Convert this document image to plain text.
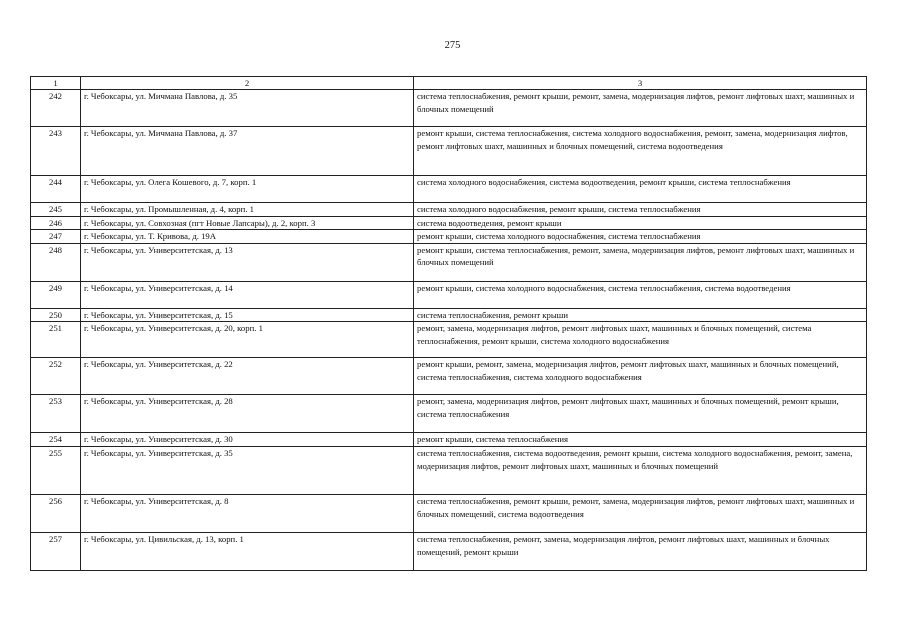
275
1	2	3
242	г. Чебоксары, ул. Мичмана Павлова, д. 35	система теплоснабжения, ремонт крыши, ремонт, замена, модернизация лифтов, ремонт лифтовых шахт, машинных и блочных помещений
243	г. Чебоксары, ул. Мичмана Павлова, д. 37	ремонт крыши, система теплоснабжения, система холодного водоснабжения, ремонт, замена, модернизация лифтов, ремонт лифтовых шахт, машинных и блочных помещений, система водоотведения
244	г. Чебоксары, ул. Олега Кошевого, д. 7, корп. 1	система холодного водоснабжения, система водоотведения, ремонт крыши, система теплоснабжения
245	г. Чебоксары, ул. Промышленная, д. 4, корп. 1	система холодного водоснабжения, ремонт крыши, система теплоснабжения
246	г. Чебоксары, ул. Совхозная (пгт Новые Лапсары), д. 2, корп. 3	система водоотведения, ремонт крыши
247	г. Чебоксары, ул. Т. Кривова, д. 19А	ремонт крыши, система холодного водоснабжения, система теплоснабжения
248	г. Чебоксары, ул. Университетская, д. 13	ремонт крыши, система теплоснабжения, ремонт, замена, модернизация лифтов, ремонт лифтовых шахт, машинных и блочных помещений
249	г. Чебоксары, ул. Университетская, д. 14	ремонт крыши, система холодного водоснабжения, система теплоснабжения, система водоотведения
250	г. Чебоксары, ул. Университетская, д. 15	система теплоснабжения, ремонт крыши
251	г. Чебоксары, ул. Университетская, д. 20, корп. 1	ремонт, замена, модернизация лифтов, ремонт лифтовых шахт, машинных и блочных помещений, система теплоснабжения, ремонт крыши, система холодного водоснабжения
252	г. Чебоксары, ул. Университетская, д. 22	ремонт крыши, ремонт, замена, модернизация лифтов, ремонт лифтовых шахт, машинных и блочных помещений, система теплоснабжения, система холодного водоснабжения
253	г. Чебоксары, ул. Университетская, д. 28	ремонт, замена, модернизация лифтов, ремонт лифтовых шахт, машинных и блочных помещений, ремонт крыши, система теплоснабжения
254	г. Чебоксары, ул. Университетская, д. 30	ремонт крыши, система теплоснабжения
255	г. Чебоксары, ул. Университетская, д. 35	система теплоснабжения, система водоотведения, ремонт крыши, система холодного водоснабжения, ремонт, замена, модернизация лифтов, ремонт лифтовых шахт, машинных и блочных помещений
256	г. Чебоксары, ул. Университетская, д. 8	система теплоснабжения, ремонт крыши, ремонт, замена, модернизация лифтов, ремонт лифтовых шахт, машинных и блочных помещений, система водоотведения
257	г. Чебоксары, ул. Цивильская, д. 13, корп. 1	система теплоснабжения, ремонт, замена, модернизация лифтов, ремонт лифтовых шахт, машинных и блочных помещений, ремонт крыши
